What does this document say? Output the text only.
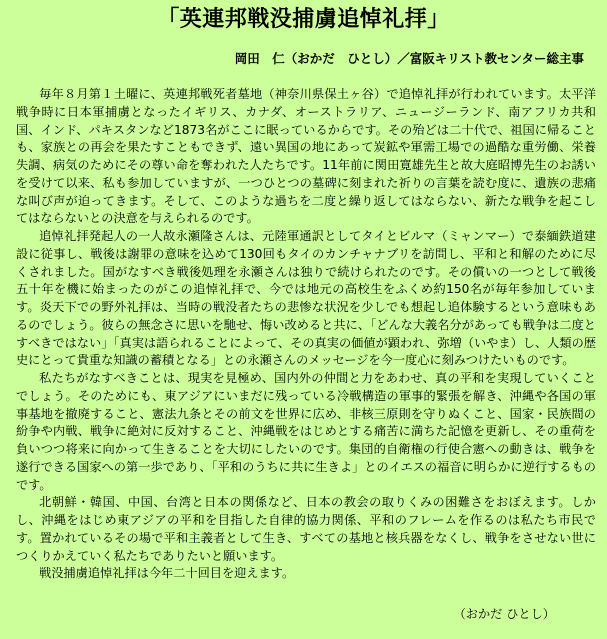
「英連邦戦没捕虜追悼礼拝」
岡田　仁（おかだ　ひとし）／富阪キリスト教センター総主事

毎年８月第１土曜に、英連邦戦死者墓地（神奈川県保土ヶ谷）で追悼礼拝が行われています。太平洋戦争時に日本軍捕虜となったイギリス、カナダ、オーストラリア、ニュージーランド、南アフリカ共和国、インド、パキスタンなど1873名がここに眠っているからです。その殆どは二十代で、祖国に帰ることも、家族との再会を果たすこともできず、遠い異国の地にあって炭鉱や軍需工場での過酷な重労働、栄養失調、病気のためにその尊い命を奪われた人たちです。11年前に関田寛雄先生と故大庭昭博先生のお誘いを受けて以来、私も参加していますが、一つひとつの墓碑に刻まれた祈りの言葉を読む度に、遺族の悲痛な叫び声が迫ってきます。そして、このような過ちを二度と繰り返してはならない、新たな戦争を起こしてはならないとの決意を与えられるのです。

追悼礼拝発起人の一人故永瀬隆さんは、元陸軍通訳としてタイとビルマ（ミャンマー）で泰緬鉄道建設に従事し、戦後は謝罪の意味を込めて130回もタイのカンチャナブリを訪問し、平和と和解のために尽くされました。国がなすべき戦後処理を永瀬さんは独りで続けられたのです。その償いの一つとして戦後五十年を機に始まったのがこの追悼礼拝で、今では地元の高校生をふくめ約150名が毎年参加しています。炎天下での野外礼拝は、当時の戦没者たちの悲惨な状況を少しでも想起し追体験するという意味もあるのでしょう。彼らの無念さに思いを馳せ、悔い改めると共に、「どんな大義名分があっても戦争は二度とすべきではない」「真実は語られることによって、その真実の価値が顕われ、弥増（いやま）し、人類の歴史にとって貴重な知識の蓄積となる」との永瀬さんのメッセージを今一度心に刻みつけたいものです。

私たちがなすべきことは、現実を見極め、国内外の仲間と力をあわせ、真の平和を実現していくことでしょう。そのためにも、東アジアにいまだに残っている冷戦構造の軍事的緊張を解き、沖縄や各国の軍事基地を撤廃すること、憲法九条とその前文を世界に広め、非核三原則を守りぬくこと、国家・民族間の紛争や内戦、戦争に絶対に反対すること、沖縄戦をはじめとする痛苦に満ちた記憶を更新し、その重荷を負いつつ将来に向かって生きることを大切にしたいのです。集団的自衛権の行使合憲への動きは、戦争を遂行できる国家への第一歩であり、「平和のうちに共に生きよ」とのイエスの福音に明らかに逆行するものです。

北朝鮮・韓国、中国、台湾と日本の関係など、日本の教会の取りくみの困難さをおぼえます。しかし、沖縄をはじめ東アジアの平和を目指した自律的協力関係、平和のフレームを作るのは私たち市民です。置かれているその場で平和主義者として生き、すべての基地と核兵器をなくし、戦争をさせない世につくりかえていく私たちでありたいと願います。

戦没捕虜追悼礼拝は今年二十回目を迎えます。

（おかだ ひとし）
